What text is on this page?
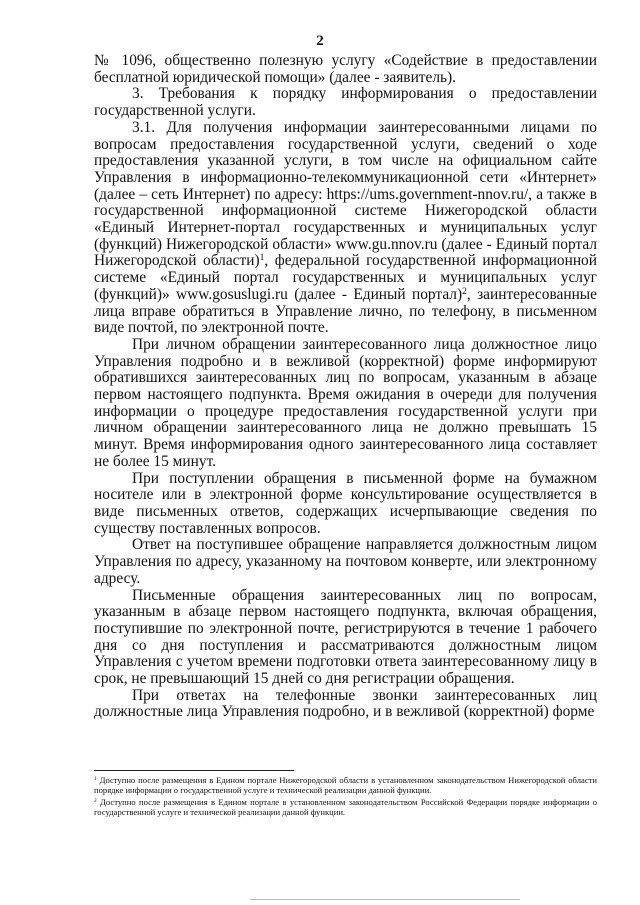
2

№ 1096, общественно полезную услугу «Содействие в предоставлении бесплатной юридической помощи» (далее - заявитель).

3. Требования к порядку информирования о предоставлении государственной услуги.

3.1. Для получения информации заинтересованными лицами по вопросам предоставления государственной услуги, сведений о ходе предоставления указанной услуги, в том числе на официальном сайте Управления в информационно-телекоммуникационной сети «Интернет» (далее – сеть Интернет) по адресу: https://ums.government-nnov.ru/, а также в государственной информационной системе Нижегородской области «Единый Интернет-портал государственных и муниципальных услуг (функций) Нижегородской области» www.gu.nnov.ru (далее - Единый портал Нижегородской области)$^1$, федеральной государственной информационной системе «Единый портал государственных и муниципальных услуг (функций)» www.gosuslugi.ru (далее - Единый портал)$^2$, заинтересованные лица вправе обратиться в Управление лично, по телефону, в письменном виде почтой, по электронной почте.

При личном обращении заинтересованного лица должностное лицо Управления подробно и в вежливой (корректной) форме информируют обратившихся заинтересованных лиц по вопросам, указанным в абзаце первом настоящего подпункта. Время ожидания в очереди для получения информации о процедуре предоставления государственной услуги при личном обращении заинтересованного лица не должно превышать 15 минут. Время информирования одного заинтересованного лица составляет не более 15 минут.

При поступлении обращения в письменной форме на бумажном носителе или в электронной форме консультирование осуществляется в виде письменных ответов, содержащих исчерпывающие сведения по существу поставленных вопросов.

Ответ на поступившее обращение направляется должностным лицом Управления по адресу, указанному на почтовом конверте, или электронному адресу.

Письменные обращения заинтересованных лиц по вопросам, указанным в абзаце первом настоящего подпункта, включая обращения, поступившие по электронной почте, регистрируются в течение 1 рабочего дня со дня поступления и рассматриваются должностным лицом Управления с учетом времени подготовки ответа заинтересованному лицу в срок, не превышающий 15 дней со дня регистрации обращения.

При ответах на телефонные звонки заинтересованных лиц должностные лица Управления подробно, и в вежливой (корректной) форме

$^1$ Доступно после размещения в Едином портале Нижегородской области в установленном законодательством Нижегородской области порядке информации о государственной услуге и технической реализации данной функции.

$^2$ Доступно после размещения в Едином портале в установленном законодательством Российской Федерации порядке информации о государственной услуге и технической реализации данной функции.
